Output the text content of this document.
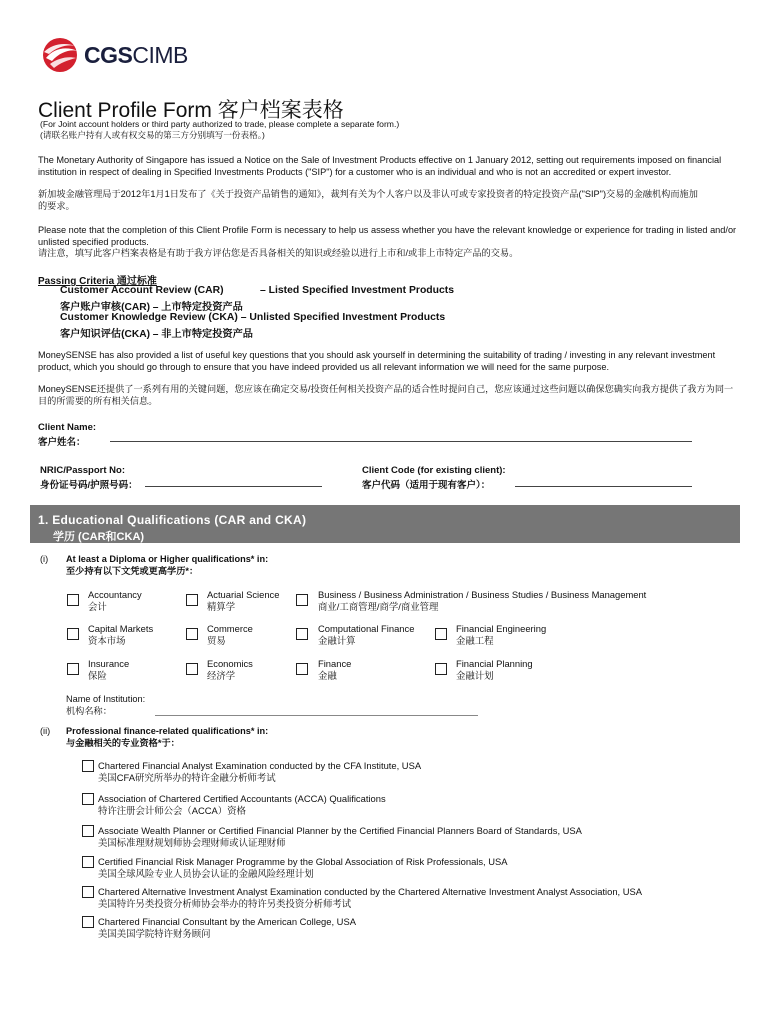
CGSCIMB
Client Profile Form 客户档案表格
(For Joint account holders or third party authorized to trade, please complete a separate form.)
(请联名账户持有人或有权交易的第三方分别填写一份表格。)
The Monetary Authority of Singapore has issued a Notice on the Sale of Investment Products effective on 1 January 2012, setting out requirements imposed on financial institution in respect of dealing in Specified Investments Products ("SIP") for a customer who is an individual and who is not an accredited or expert investor.
新加坡金融管理局于2012年1月1日发布了《关于投资产品销售的通知》，裁判有关为个人客户以及非认可或专家投资者的特定投资产品("SIP")交易的金融机构而施加的要求。
Please note that the completion of this Client Profile Form is necessary to help us assess whether you have the relevant knowledge or experience for trading in listed and/or unlisted specified products.
请注意，填写此客户档案表格是有助于我方评估您是否具备相关的知识或经验以进行上市和/或非上市特定产品的交易。
Passing Criteria 通过标准
Customer Account Review (CAR)	– Listed Specified Investment Products
客户账户审核(CAR) – 上市特定投资产品
Customer Knowledge Review (CKA) – Unlisted Specified Investment Products
客户知识评估(CKA) – 非上市特定投资产品
MoneySENSE has also provided a list of useful key questions that you should ask yourself in determining the suitability of trading / investing in any relevant investment product, which you should go through to ensure that you have indeed provided us all relevant information we will need for the same purpose.
MoneySENSE还提供了一系列有用的关键问题，您应该在确定交易/投资任何相关投资产品的适合性时提问自己，您应该通过这些问题以确保您确实向我方提供了我方为同一目的所需要的所有相关信息。
Client Name:
客户姓名：
NRIC/Passport No:
身份证号码/护照号码：
Client Code (for existing client):
客户代码（适用于现有客户）：
1. Educational Qualifications (CAR and CKA)
学历 (CAR和CKA)
(i) At least a Diploma or Higher qualifications* in:
至少持有以下文凭或更高学历*：
Accountancy
会计
Actuarial Science
精算学
Business / Business Administration / Business Studies / Business Management
商业/工商管理/商学/商业管理
Capital Markets
资本市场
Commerce
贸易
Computational Finance
金融计算
Financial Engineering
金融工程
Insurance
保险
Economics
经济学
Finance
金融
Financial Planning
金融计划
Name of Institution:
机构名称：
(ii) Professional finance-related qualifications* in:
与金融相关的专业资格*于：
Chartered Financial Analyst Examination conducted by the CFA Institute, USA
美国CFA研究所举办的特许金融分析师考试
Association of Chartered Certified Accountants (ACCA) Qualifications
特许注册会计师公会（ACCA）资格
Associate Wealth Planner or Certified Financial Planner by the Certified Financial Planners Board of Standards, USA
美国标准理财规划师协会理财师或认证理财师
Certified Financial Risk Manager Programme by the Global Association of Risk Professionals, USA
美国全球风险专业人员协会认证的金融风险经理计划
Chartered Alternative Investment Analyst Examination conducted by the Chartered Alternative Investment Analyst Association, USA
美国特许另类投资分析师协会举办的特许另类投资分析师考试
Chartered Financial Consultant by the American College, USA
美国美国学院特许财务顾问
